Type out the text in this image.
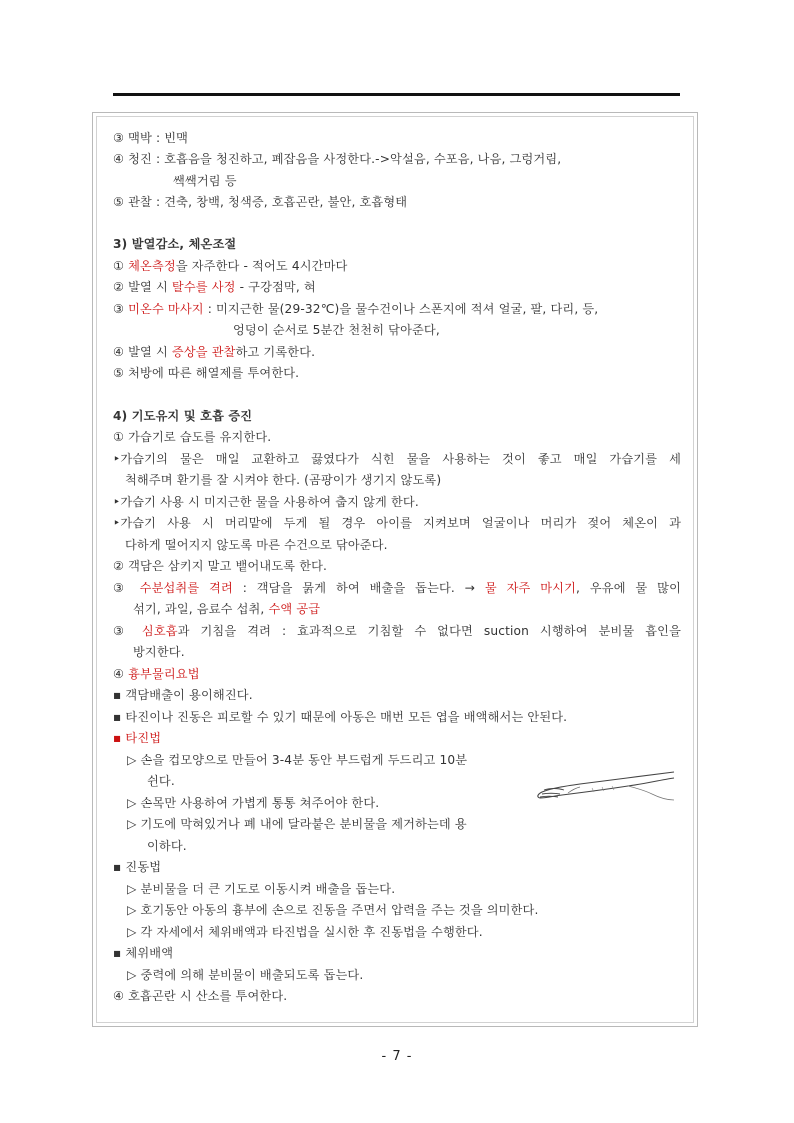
③ 맥박 : 빈맥
④ 청진 : 호흡음을 청진하고, 폐잡음을 사정한다.->악설음, 수포음, 나음, 그렁거림,
쌕쌕거림 등
⑤ 관찰 : 견축, 창백, 청색증, 호흡곤란, 불안, 호흡형태
3) 발열감소, 체온조절
① 체온측정을 자주한다 - 적어도 4시간마다
② 발열 시 탈수를 사정 - 구강점막, 혀
③ 미온수 마사지 : 미지근한 물(29-32℃)을 물수건이나 스폰지에 적셔 얼굴, 팔, 다리, 등,
엉덩이 순서로 5분간 천천히 닦아준다,
④ 발열 시 증상을 관찰하고 기록한다.
⑤ 처방에 따른 해열제를 투여한다.
4) 기도유지 및 호흡 증진
① 가습기로 습도를 유지한다.
‣가습기의 물은 매일 교환하고 끓였다가 식힌 물을 사용하는 것이 좋고 매일 가습기를 세
척해주며 환기를 잘 시켜야 한다. (곰팡이가 생기지 않도록)
‣가습기 사용 시 미지근한 물을 사용하여 춥지 않게 한다.
‣가습기 사용 시 머리맡에 두게 될 경우 아이를 지켜보며 얼굴이나 머리가 젖어 체온이 과
다하게 떨어지지 않도록 마른 수건으로 닦아준다.
② 객담은 삼키지 말고 뱉어내도록 한다.
③ 수분섭취를 격려 : 객담을 묽게 하여 배출을 돕는다. → 물 자주 마시기, 우유에 물 많이
섞기, 과일, 음료수 섭취, 수액 공급
③ 심호흡과 기침을 격려 : 효과적으로 기침할 수 없다면 suction 시행하여 분비물 흡인을
방지한다.
④ 흉부물리요법
▪ 객담배출이 용이해진다.
▪ 타진이나 진동은 피로할 수 있기 때문에 아동은 매번 모든 엽을 배액해서는 안된다.
▪ 타진법
▷ 손을 컵모양으로 만들어 3-4분 동안 부드럽게 두드리고 10분
쉰다.
▷ 손목만 사용하여 가볍게 통통 쳐주어야 한다.
▷ 기도에 막혀있거나 폐 내에 달라붙은 분비물을 제거하는데 용
이하다.
▪ 진동법
▷ 분비물을 더 큰 기도로 이동시켜 배출을 돕는다.
▷ 호기동안 아동의 흉부에 손으로 진동을 주면서 압력을 주는 것을 의미한다.
▷ 각 자세에서 체위배액과 타진법을 실시한 후 진동법을 수행한다.
▪ 체위배액
▷ 중력에 의해 분비물이 배출되도록 돕는다.
④ 호흡곤란 시 산소를 투여한다.
- 7 -
